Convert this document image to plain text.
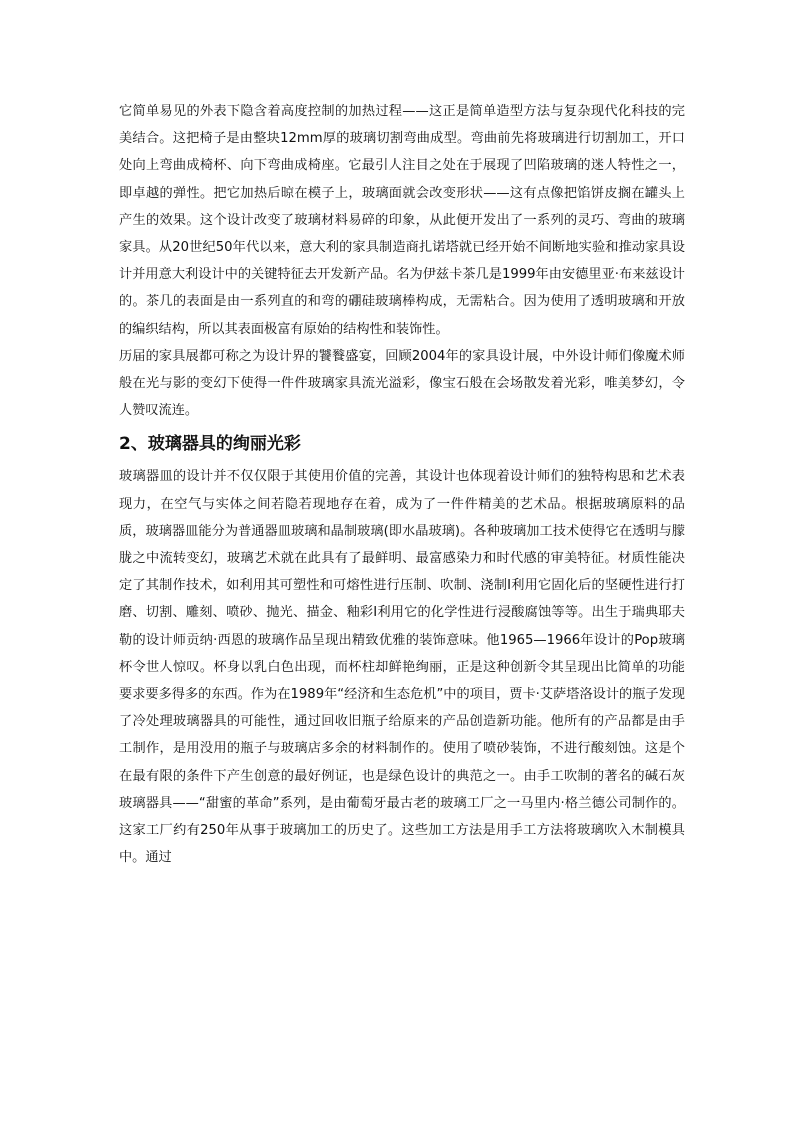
它简单易见的外表下隐含着高度控制的加热过程——这正是简单造型方法与复杂现代化科技的完美结合。这把椅子是由整块12mm厚的玻璃切割弯曲成型。弯曲前先将玻璃进行切割加工，开口处向上弯曲成椅杯、向下弯曲成椅座。它最引人注目之处在于展现了凹陷玻璃的迷人特性之一，即卓越的弹性。把它加热后晾在模子上，玻璃面就会改变形状——这有点像把馅饼皮搁在罐头上产生的效果。这个设计改变了玻璃材料易碎的印象，从此便开发出了一系列的灵巧、弯曲的玻璃家具。从20世纪50年代以来，意大利的家具制造商扎诺塔就已经开始不间断地实验和推动家具设计并用意大利设计中的关键特征去开发新产品。名为伊兹卡茶几是1999年由安德里亚·布来兹设计的。茶几的表面是由一系列直的和弯的硼硅玻璃棒构成，无需粘合。因为使用了透明玻璃和开放的编织结构，所以其表面极富有原始的结构性和装饰性。

历届的家具展都可称之为设计界的饕餮盛宴，回顾2004年的家具设计展，中外设计师们像魔术师般在光与影的变幻下使得一件件玻璃家具流光溢彩，像宝石般在会场散发着光彩，唯美梦幻，令人赞叹流连。

2、玻璃器具的绚丽光彩

玻璃器皿的设计并不仅仅限于其使用价值的完善，其设计也体现着设计师们的独特构思和艺术表现力，在空气与实体之间若隐若现地存在着，成为了一件件精美的艺术品。根据玻璃原料的品质，玻璃器皿能分为普通器皿玻璃和晶制玻璃(即水晶玻璃)。各种玻璃加工技术使得它在透明与朦胧之中流转变幻，玻璃艺术就在此具有了最鲜明、最富感染力和时代感的审美特征。材质性能决定了其制作技术，如利用其可塑性和可熔性进行压制、吹制、浇制Ⅰ利用它固化后的坚硬性进行打磨、切割、雕刻、喷砂、抛光、描金、釉彩Ⅰ利用它的化学性进行浸酸腐蚀等等。出生于瑞典耶夫勒的设计师贡纳·西恩的玻璃作品呈现出精致优雅的装饰意味。他1965—1966年设计的Pop玻璃杯令世人惊叹。杯身以乳白色出现，而杯柱却鲜艳绚丽，正是这种创新令其呈现出比简单的功能要求要多得多的东西。作为在1989年“经济和生态危机”中的项目，贾卡·艾萨塔洛设计的瓶子发现了冷处理玻璃器具的可能性，通过回收旧瓶子给原来的产品创造新功能。他所有的产品都是由手工制作，是用没用的瓶子与玻璃店多余的材料制作的。使用了喷砂装饰，不进行酸刻蚀。这是个在最有限的条件下产生创意的最好例证，也是绿色设计的典范之一。由手工吹制的著名的碱石灰玻璃器具——“甜蜜的革命”系列，是由葡萄牙最古老的玻璃工厂之一马里内·格兰德公司制作的。这家工厂约有250年从事于玻璃加工的历史了。这些加工方法是用手工方法将玻璃吹入木制模具中。通过
